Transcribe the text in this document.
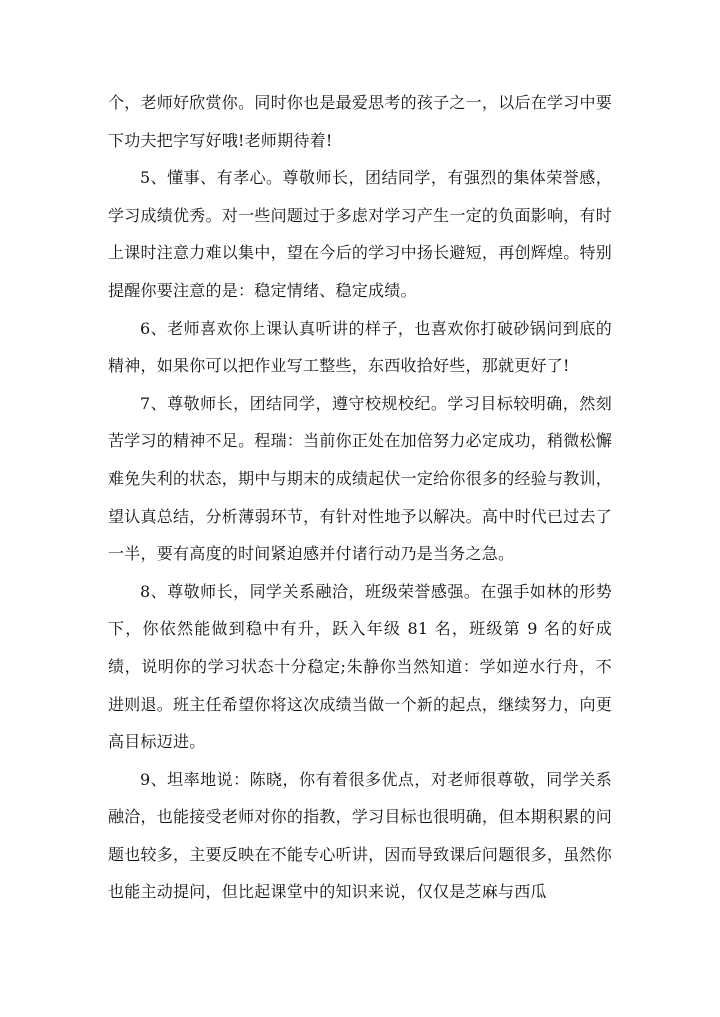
个，老师好欣赏你。同时你也是最爱思考的孩子之一，以后在学习中要下功夫把字写好哦!老师期待着!

5、懂事、有孝心。尊敬师长，团结同学，有强烈的集体荣誉感，学习成绩优秀。对一些问题过于多虑对学习产生一定的负面影响，有时上课时注意力难以集中，望在今后的学习中扬长避短，再创辉煌。特别提醒你要注意的是：稳定情绪、稳定成绩。

6、老师喜欢你上课认真听讲的样子，也喜欢你打破砂锅问到底的精神，如果你可以把作业写工整些，东西收拾好些，那就更好了!

7、尊敬师长，团结同学，遵守校规校纪。学习目标较明确，然刻苦学习的精神不足。程瑞：当前你正处在加倍努力必定成功，稍微松懈难免失利的状态，期中与期末的成绩起伏一定给你很多的经验与教训，望认真总结，分析薄弱环节，有针对性地予以解决。高中时代已过去了一半，要有高度的时间紧迫感并付诸行动乃是当务之急。

8、尊敬师长，同学关系融洽，班级荣誉感强。在强手如林的形势下，你依然能做到稳中有升，跃入年级 81 名，班级第 9 名的好成绩，说明你的学习状态十分稳定;朱静你当然知道：学如逆水行舟，不进则退。班主任希望你将这次成绩当做一个新的起点，继续努力，向更高目标迈进。

9、坦率地说：陈晓，你有着很多优点，对老师很尊敬，同学关系融洽，也能接受老师对你的指教，学习目标也很明确，但本期积累的问题也较多，主要反映在不能专心听讲，因而导致课后问题很多，虽然你也能主动提问，但比起课堂中的知识来说，仅仅是芝麻与西瓜
